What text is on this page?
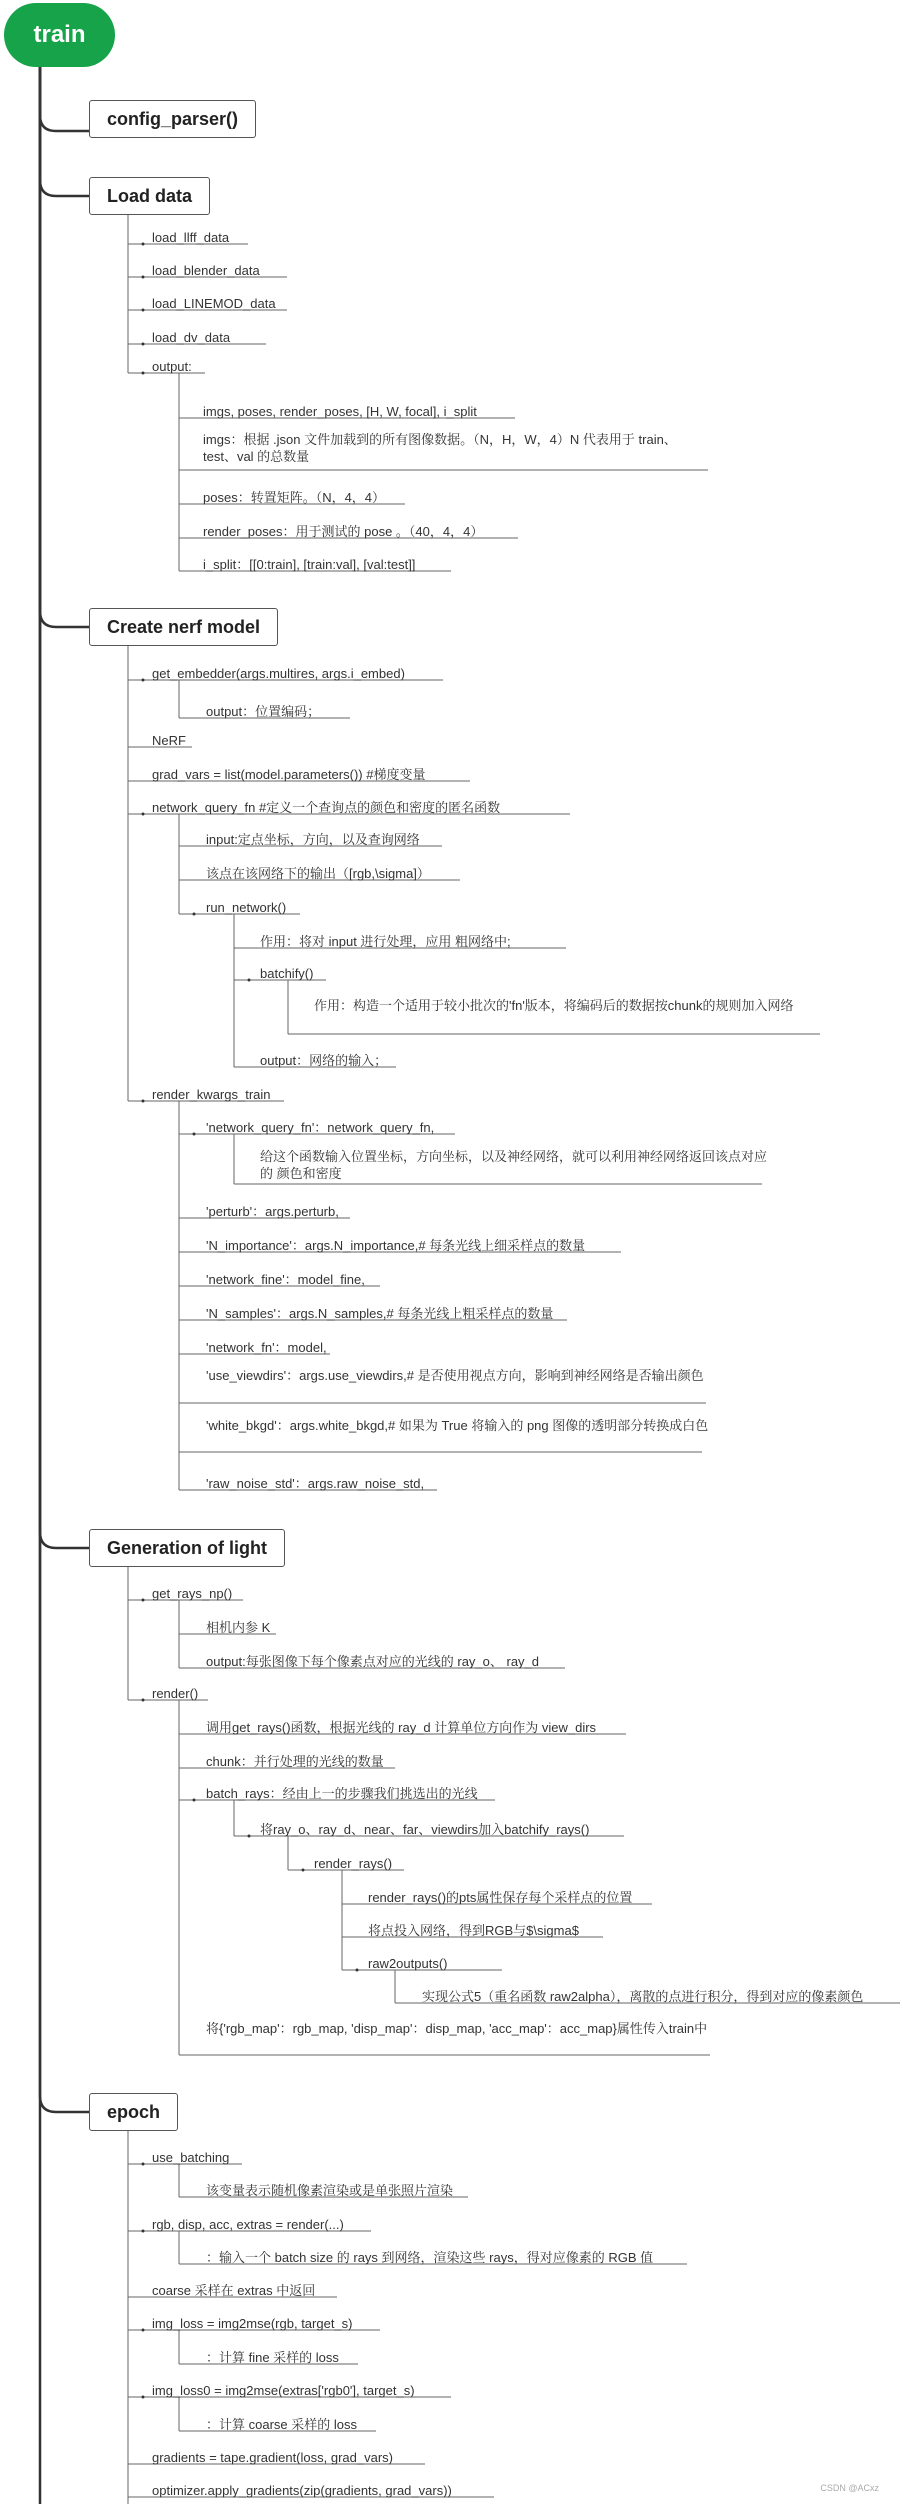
train
config_parser()
Load data
Create nerf model
Generation of light
epoch
load_llff_data
load_blender_data
load_LINEMOD_data
load_dv_data
output:
imgs, poses, render_poses, [H, W, focal], i_split
imgs：根据 .json 文件加载到的所有图像数据。（N，H，W，4）N 代表用于 train、test、val 的总数量
poses：转置矩阵。（N，4，4）
render_poses：用于测试的 pose 。（40，4，4）
i_split：[[0:train], [train:val], [val:test]]
get_embedder(args.multires, args.i_embed)
output：位置编码；
NeRF
grad_vars = list(model.parameters()) #梯度变量
network_query_fn #定义一个查询点的颜色和密度的匿名函数
input:定点坐标，方向，以及查询网络
该点在该网络下的输出（[rgb,\sigma]）
run_network()
作用：将对 input 进行处理，应用 粗网络中;
batchify()
作用：构造一个适用于较小批次的'fn'版本，将编码后的数据按chunk的规则加入网络
output：网络的输入；
render_kwargs_train
'network_query_fn'：network_query_fn,
给这个函数输入位置坐标，方向坐标，以及神经网络，就可以利用神经网络返回该点对应的 颜色和密度
'perturb'：args.perturb,
'N_importance'：args.N_importance,# 每条光线上细采样点的数量
'network_fine'：model_fine,
'N_samples'：args.N_samples,# 每条光线上粗采样点的数量
'network_fn'：model,
'use_viewdirs'：args.use_viewdirs,# 是否使用视点方向，影响到神经网络是否输出颜色
'white_bkgd'：args.white_bkgd,# 如果为 True 将输入的 png 图像的透明部分转换成白色
'raw_noise_std'：args.raw_noise_std,
get_rays_np()
相机内参 K
output:每张图像下每个像素点对应的光线的 ray_o、 ray_d
render()
调用get_rays()函数，根据光线的 ray_d 计算单位方向作为 view_dirs
chunk：并行处理的光线的数量
batch_rays：经由上一的步骤我们挑选出的光线
将ray_o、ray_d、near、far、viewdirs加入batchify_rays()
render_rays()
render_rays()的pts属性保存每个采样点的位置
将点投入网络，得到RGB与$\sigma$
raw2outputs()
实现公式5（重名函数 raw2alpha），离散的点进行积分，得到对应的像素颜色
将{'rgb_map'：rgb_map, 'disp_map'：disp_map, 'acc_map'：acc_map}属性传入train中
use_batching
该变量表示随机像素渲染或是单张照片渲染
rgb, disp, acc, extras = render(...)
：输入一个 batch size 的 rays 到网络，渲染这些 rays，得对应像素的 RGB 值
coarse 采样在 extras 中返回
img_loss = img2mse(rgb, target_s)
：计算 fine 采样的 loss
img_loss0 = img2mse(extras['rgb0'], target_s)
：计算 coarse 采样的 loss
gradients = tape.gradient(loss, grad_vars)
optimizer.apply_gradients(zip(gradients, grad_vars))	CSDN @ACxz
